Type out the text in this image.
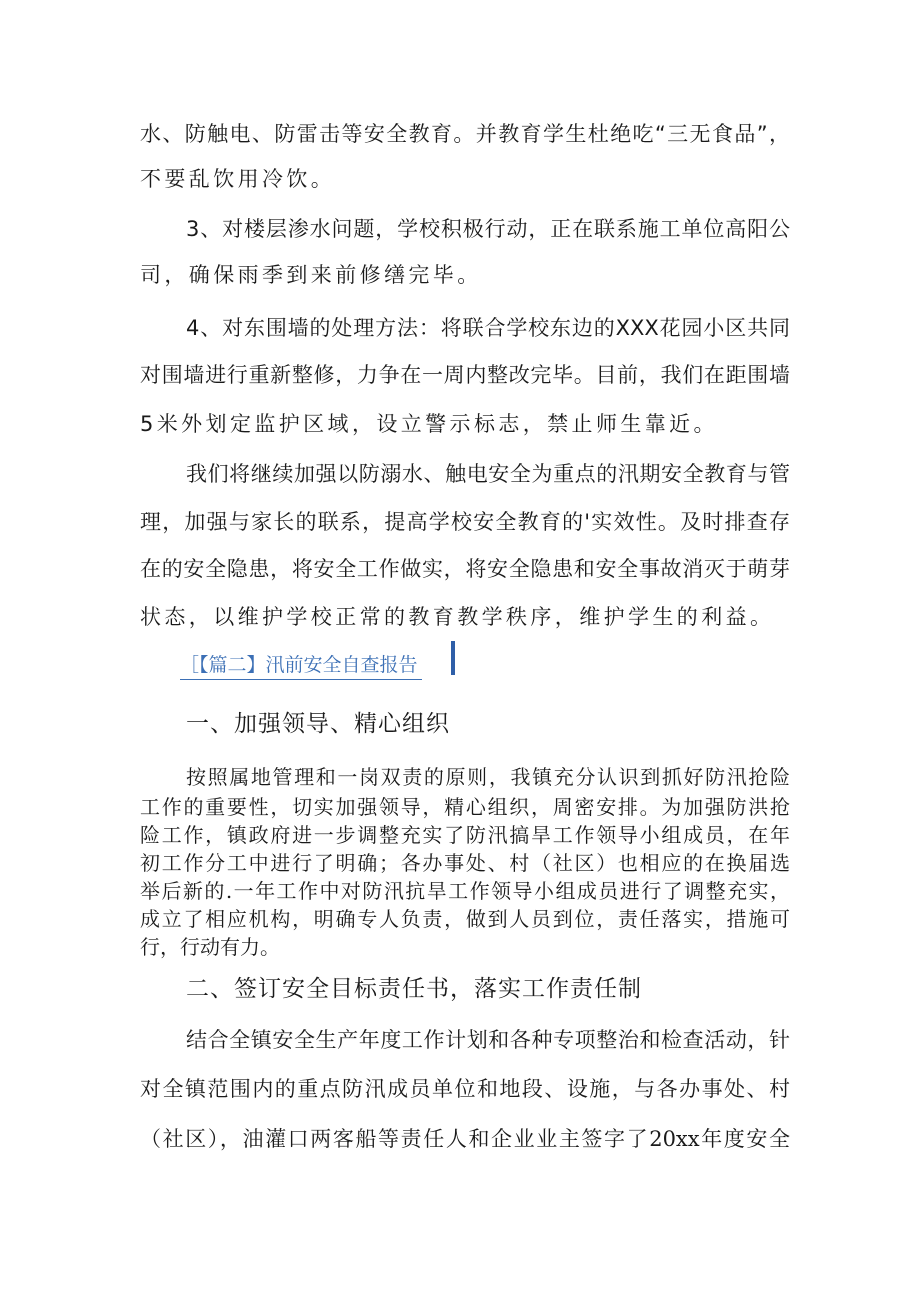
水、防触电、防雷击等安全教育。并教育学生杜绝吃“三无食品”，
不要乱饮用冷饮。
3、对楼层渗水问题，学校积极行动，正在联系施工单位高阳公
司，确保雨季到来前修缮完毕。
4、对东围墙的处理方法：将联合学校东边的XXX花园小区共同
对围墙进行重新整修，力争在一周内整改完毕。目前，我们在距围墙
5米外划定监护区域，设立警示标志，禁止师生靠近。
我们将继续加强以防溺水、触电安全为重点的汛期安全教育与管
理，加强与家长的联系，提高学校安全教育的'实效性。及时排查存
在的安全隐患，将安全工作做实，将安全隐患和安全事故消灭于萌芽
状态，以维护学校正常的教育教学秩序，维护学生的利益。
［【篇二】汛前安全自查报告
一、加强领导、精心组织
按照属地管理和一岗双责的原则，我镇充分认识到抓好防汛抢险
工作的重要性，切实加强领导，精心组织，周密安排。为加强防洪抢
险工作，镇政府进一步调整充实了防汛搞旱工作领导小组成员，在年
初工作分工中进行了明确；各办事处、村（社区）也相应的在换届选
举后新的.一年工作中对防汛抗旱工作领导小组成员进行了调整充实，
成立了相应机构，明确专人负责，做到人员到位，责任落实，措施可
行，行动有力。
二、签订安全目标责任书，落实工作责任制
结合全镇安全生产年度工作计划和各种专项整治和检查活动，针
对全镇范围内的重点防汛成员单位和地段、设施，与各办事处、村
（社区），油灌口两客船等责任人和企业业主签字了20xx年度安全
